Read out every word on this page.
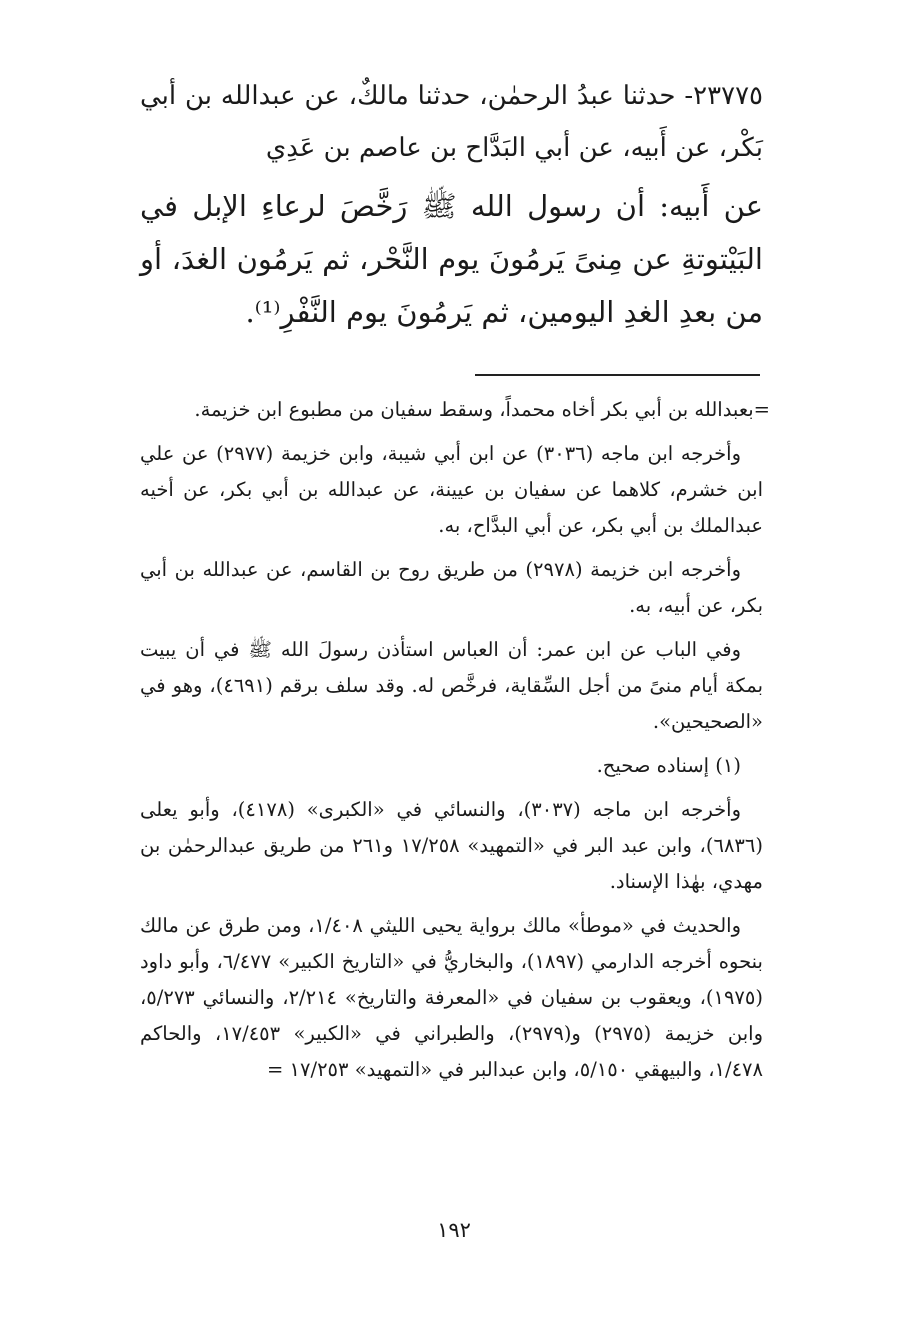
٢٣٧٧٥- حدثنا عبدُ الرحمٰن، حدثنا مالكٌ، عن عبدالله بن أبي بَكْر، عن أَبيه، عن أبي البَدَّاح بن عاصم بن عَدِي

عن أَبيه: أن رسول الله ﷺ رَخَّصَ لرعاءِ الإبل في البَيْتوتةِ عن مِنىً يَرمُونَ يوم النَّحْر، ثم يَرمُون الغدَ، أو من بعدِ الغدِ اليومين، ثم يَرمُونَ يوم النَّفْرِ⁽¹⁾.

=بعبدالله بن أبي بكر أخاه محمداً، وسقط سفيان من مطبوع ابن خزيمة.

وأخرجه ابن ماجه (٣٠٣٦) عن ابن أبي شيبة، وابن خزيمة (٢٩٧٧) عن علي ابن خشرم، كلاهما عن سفيان بن عيينة، عن عبدالله بن أبي بكر، عن أخيه عبدالملك بن أبي بكر، عن أبي البدَّاح، به.

وأخرجه ابن خزيمة (٢٩٧٨) من طريق روح بن القاسم، عن عبدالله بن أبي بكر، عن أبيه، به.

وفي الباب عن ابن عمر: أن العباس استأذن رسولَ الله ﷺ في أن يبيت بمكة أيام منىً من أجل السِّقاية، فرخَّص له. وقد سلف برقم (٤٦٩١)، وهو في «الصحيحين».

(١) إسناده صحيح.

وأخرجه ابن ماجه (٣٠٣٧)، والنسائي في «الكبرى» (٤١٧٨)، وأبو يعلى (٦٨٣٦)، وابن عبد البر في «التمهيد» ١٧/٢٥٨ و٢٦١ من طريق عبدالرحمٰن بن مهدي، بهٰذا الإسناد.

والحديث في «موطأ» مالك برواية يحيى الليثي ١/٤٠٨، ومن طرق عن مالك بنحوه أخرجه الدارمي (١٨٩٧)، والبخاريُّ في «التاريخ الكبير» ٦/٤٧٧، وأبو داود (١٩٧٥)، ويعقوب بن سفيان في «المعرفة والتاريخ» ٢/٢١٤، والنسائي ٥/٢٧٣، وابن خزيمة (٢٩٧٥) و(٢٩٧٩)، والطبراني في «الكبير» ١٧/٤٥٣، والحاكم ١/٤٧٨، والبيهقي ٥/١٥٠، وابن عبدالبر في «التمهيد» ١٧/٢٥٣ =

١٩٢
